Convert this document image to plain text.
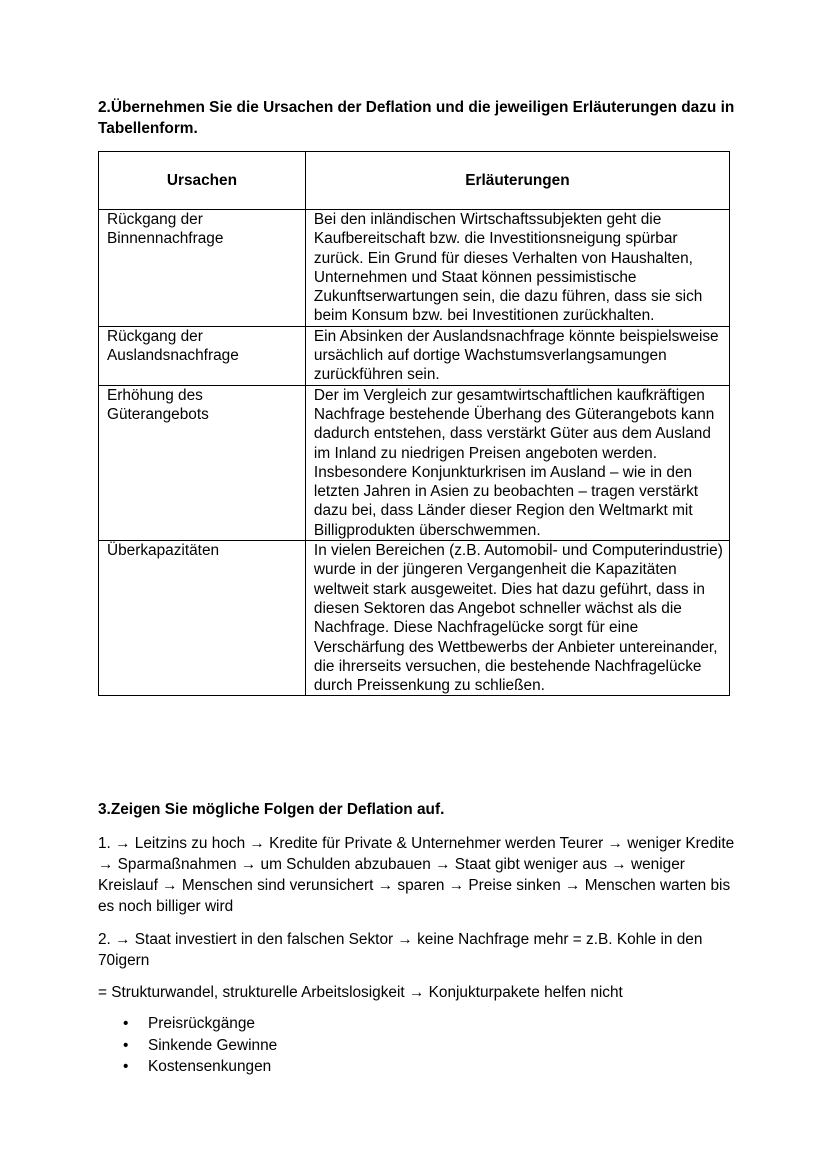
2.Übernehmen Sie die Ursachen der Deflation und die jeweiligen Erläuterungen dazu in Tabellenform.
Ursachen	Erläuterungen
Rückgang der Binnennachfrage	Bei den inländischen Wirtschaftssubjekten geht die Kaufbereitschaft bzw. die Investitionsneigung spürbar zurück. Ein Grund für dieses Verhalten von Haushalten, Unternehmen und Staat können pessimistische Zukunftserwartungen sein, die dazu führen, dass sie sich beim Konsum bzw. bei Investitionen zurückhalten.
Rückgang der Auslandsnachfrage	Ein Absinken der Auslandsnachfrage könnte beispielsweise ursächlich auf dortige Wachstumsverlangsamungen zurückführen sein.
Erhöhung des Güterangebots	Der im Vergleich zur gesamtwirtschaftlichen kaufkräftigen Nachfrage bestehende Überhang des Güterangebots kann dadurch entstehen, dass verstärkt Güter aus dem Ausland im Inland zu niedrigen Preisen angeboten werden. Insbesondere Konjunkturkrisen im Ausland – wie in den letzten Jahren in Asien zu beobachten – tragen verstärkt dazu bei, dass Länder dieser Region den Weltmarkt mit Billigprodukten überschwemmen.
Überkapazitäten	In vielen Bereichen (z.B. Automobil- und Computerindustrie) wurde in der jüngeren Vergangenheit die Kapazitäten weltweit stark ausgeweitet. Dies hat dazu geführt, dass in diesen Sektoren das Angebot schneller wächst als die Nachfrage. Diese Nachfragelücke sorgt für eine Verschärfung des Wettbewerbs der Anbieter untereinander, die ihrerseits versuchen, die bestehende Nachfragelücke durch Preissenkung zu schließen.
3.Zeigen Sie mögliche Folgen der Deflation auf.

1. → Leitzins zu hoch → Kredite für Private & Unternehmer werden Teurer → weniger Kredite → Sparmaßnahmen → um Schulden abzubauen → Staat gibt weniger aus → weniger Kreislauf → Menschen sind verunsichert → sparen → Preise sinken → Menschen warten bis es noch billiger wird

2. → Staat investiert in den falschen Sektor → keine Nachfrage mehr = z.B. Kohle in den 70igern

= Strukturwandel, strukturelle Arbeitslosigkeit → Konjukturpakete helfen nicht

• Preisrückgänge
• Sinkende Gewinne
• Kostensenkungen
